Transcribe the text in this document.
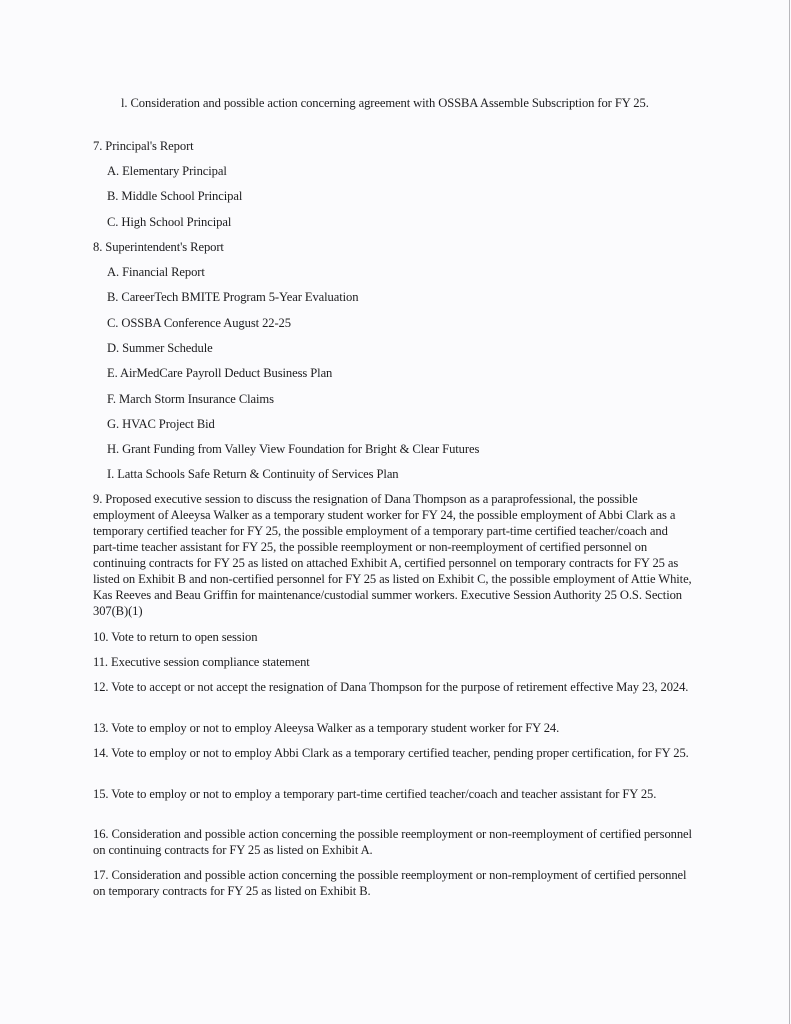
l. Consideration and possible action concerning agreement with OSSBA Assemble Subscription for FY 25.
7. Principal's Report
A. Elementary Principal
B. Middle School Principal
C. High School Principal
8. Superintendent's Report
A. Financial Report
B. CareerTech BMITE Program 5-Year Evaluation
C. OSSBA Conference August 22-25
D. Summer Schedule
E. AirMedCare Payroll Deduct Business Plan
F. March Storm Insurance Claims
G. HVAC Project Bid
H. Grant Funding from Valley View Foundation for Bright & Clear Futures
I. Latta Schools Safe Return & Continuity of Services Plan
9. Proposed executive session to discuss the resignation of Dana Thompson as a paraprofessional, the possible employment of Aleeysa Walker as a temporary student worker for FY 24, the possible employment of Abbi Clark as a temporary certified teacher for FY 25, the possible employment of a temporary part-time certified teacher/coach and part-time teacher assistant for FY 25, the possible reemployment or non-reemployment of certified personnel on continuing contracts for FY 25 as listed on attached Exhibit A, certified personnel on temporary contracts for FY 25 as listed on Exhibit B and non-certified personnel for FY 25 as listed on Exhibit C, the possible employment of Attie White, Kas Reeves and Beau Griffin for maintenance/custodial summer workers. Executive Session Authority 25 O.S. Section 307(B)(1)
10. Vote to return to open session
11. Executive session compliance statement
12. Vote to accept or not accept the resignation of Dana Thompson for the purpose of retirement effective May 23, 2024.
13. Vote to employ or not to employ Aleeysa Walker as a temporary student worker for FY 24.
14. Vote to employ or not to employ Abbi Clark as a temporary certified teacher, pending proper certification, for FY 25.
15. Vote to employ or not to employ a temporary part-time certified teacher/coach and teacher assistant for FY 25.
16. Consideration and possible action concerning the possible reemployment or non-reemployment of certified personnel on continuing contracts for FY 25 as listed on Exhibit A.
17. Consideration and possible action concerning the possible reemployment or non-remployment of certified personnel on temporary contracts for FY 25 as listed on Exhibit B.
